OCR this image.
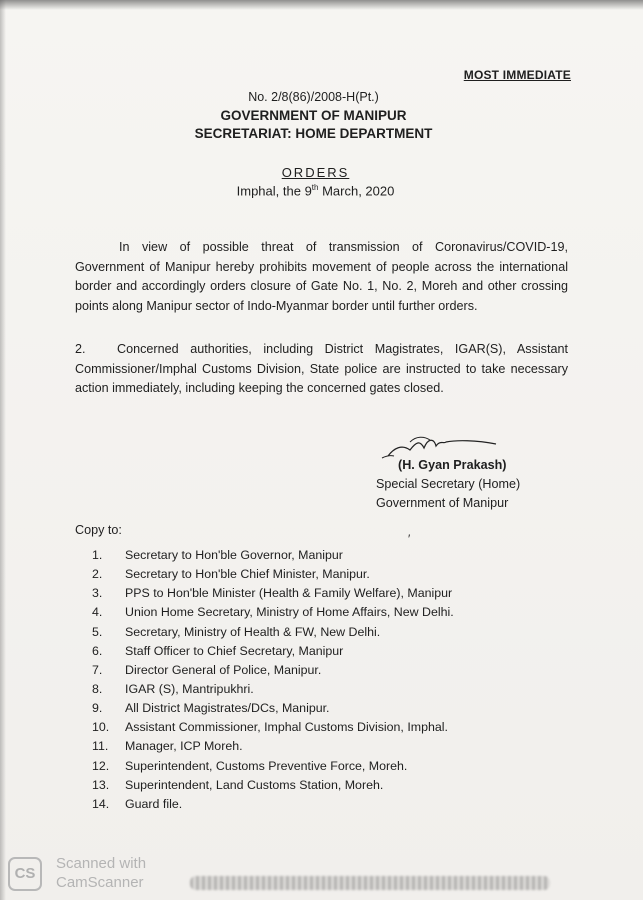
MOST IMMEDIATE
No. 2/8(86)/2008-H(Pt.)
GOVERNMENT OF MANIPUR
SECRETARIAT: HOME DEPARTMENT
ORDERS
Imphal, the 9th March, 2020
In view of possible threat of transmission of Coronavirus/COVID-19, Government of Manipur hereby prohibits movement of people across the international border and accordingly orders closure of Gate No. 1, No. 2, Moreh and other crossing points along Manipur sector of Indo-Myanmar border until further orders.
2. Concerned authorities, including District Magistrates, IGAR(S), Assistant Commissioner/Imphal Customs Division, State police are instructed to take necessary action immediately, including keeping the concerned gates closed.
(H. Gyan Prakash)
Special Secretary (Home)
Government of Manipur
Copy to:
′
1. Secretary to Hon'ble Governor, Manipur
2. Secretary to Hon'ble Chief Minister, Manipur.
3. PPS to Hon'ble Minister (Health & Family Welfare), Manipur
4. Union Home Secretary, Ministry of Home Affairs, New Delhi.
5. Secretary, Ministry of Health & FW, New Delhi.
6. Staff Officer to Chief Secretary, Manipur
7. Director General of Police, Manipur.
8. IGAR (S), Mantripukhri.
9. All District Magistrates/DCs, Manipur.
10. Assistant Commissioner, Imphal Customs Division, Imphal.
11. Manager, ICP Moreh.
12. Superintendent, Customs Preventive Force, Moreh.
13. Superintendent, Land Customs Station, Moreh.
14. Guard file.
CS
Scanned with
CamScanner
